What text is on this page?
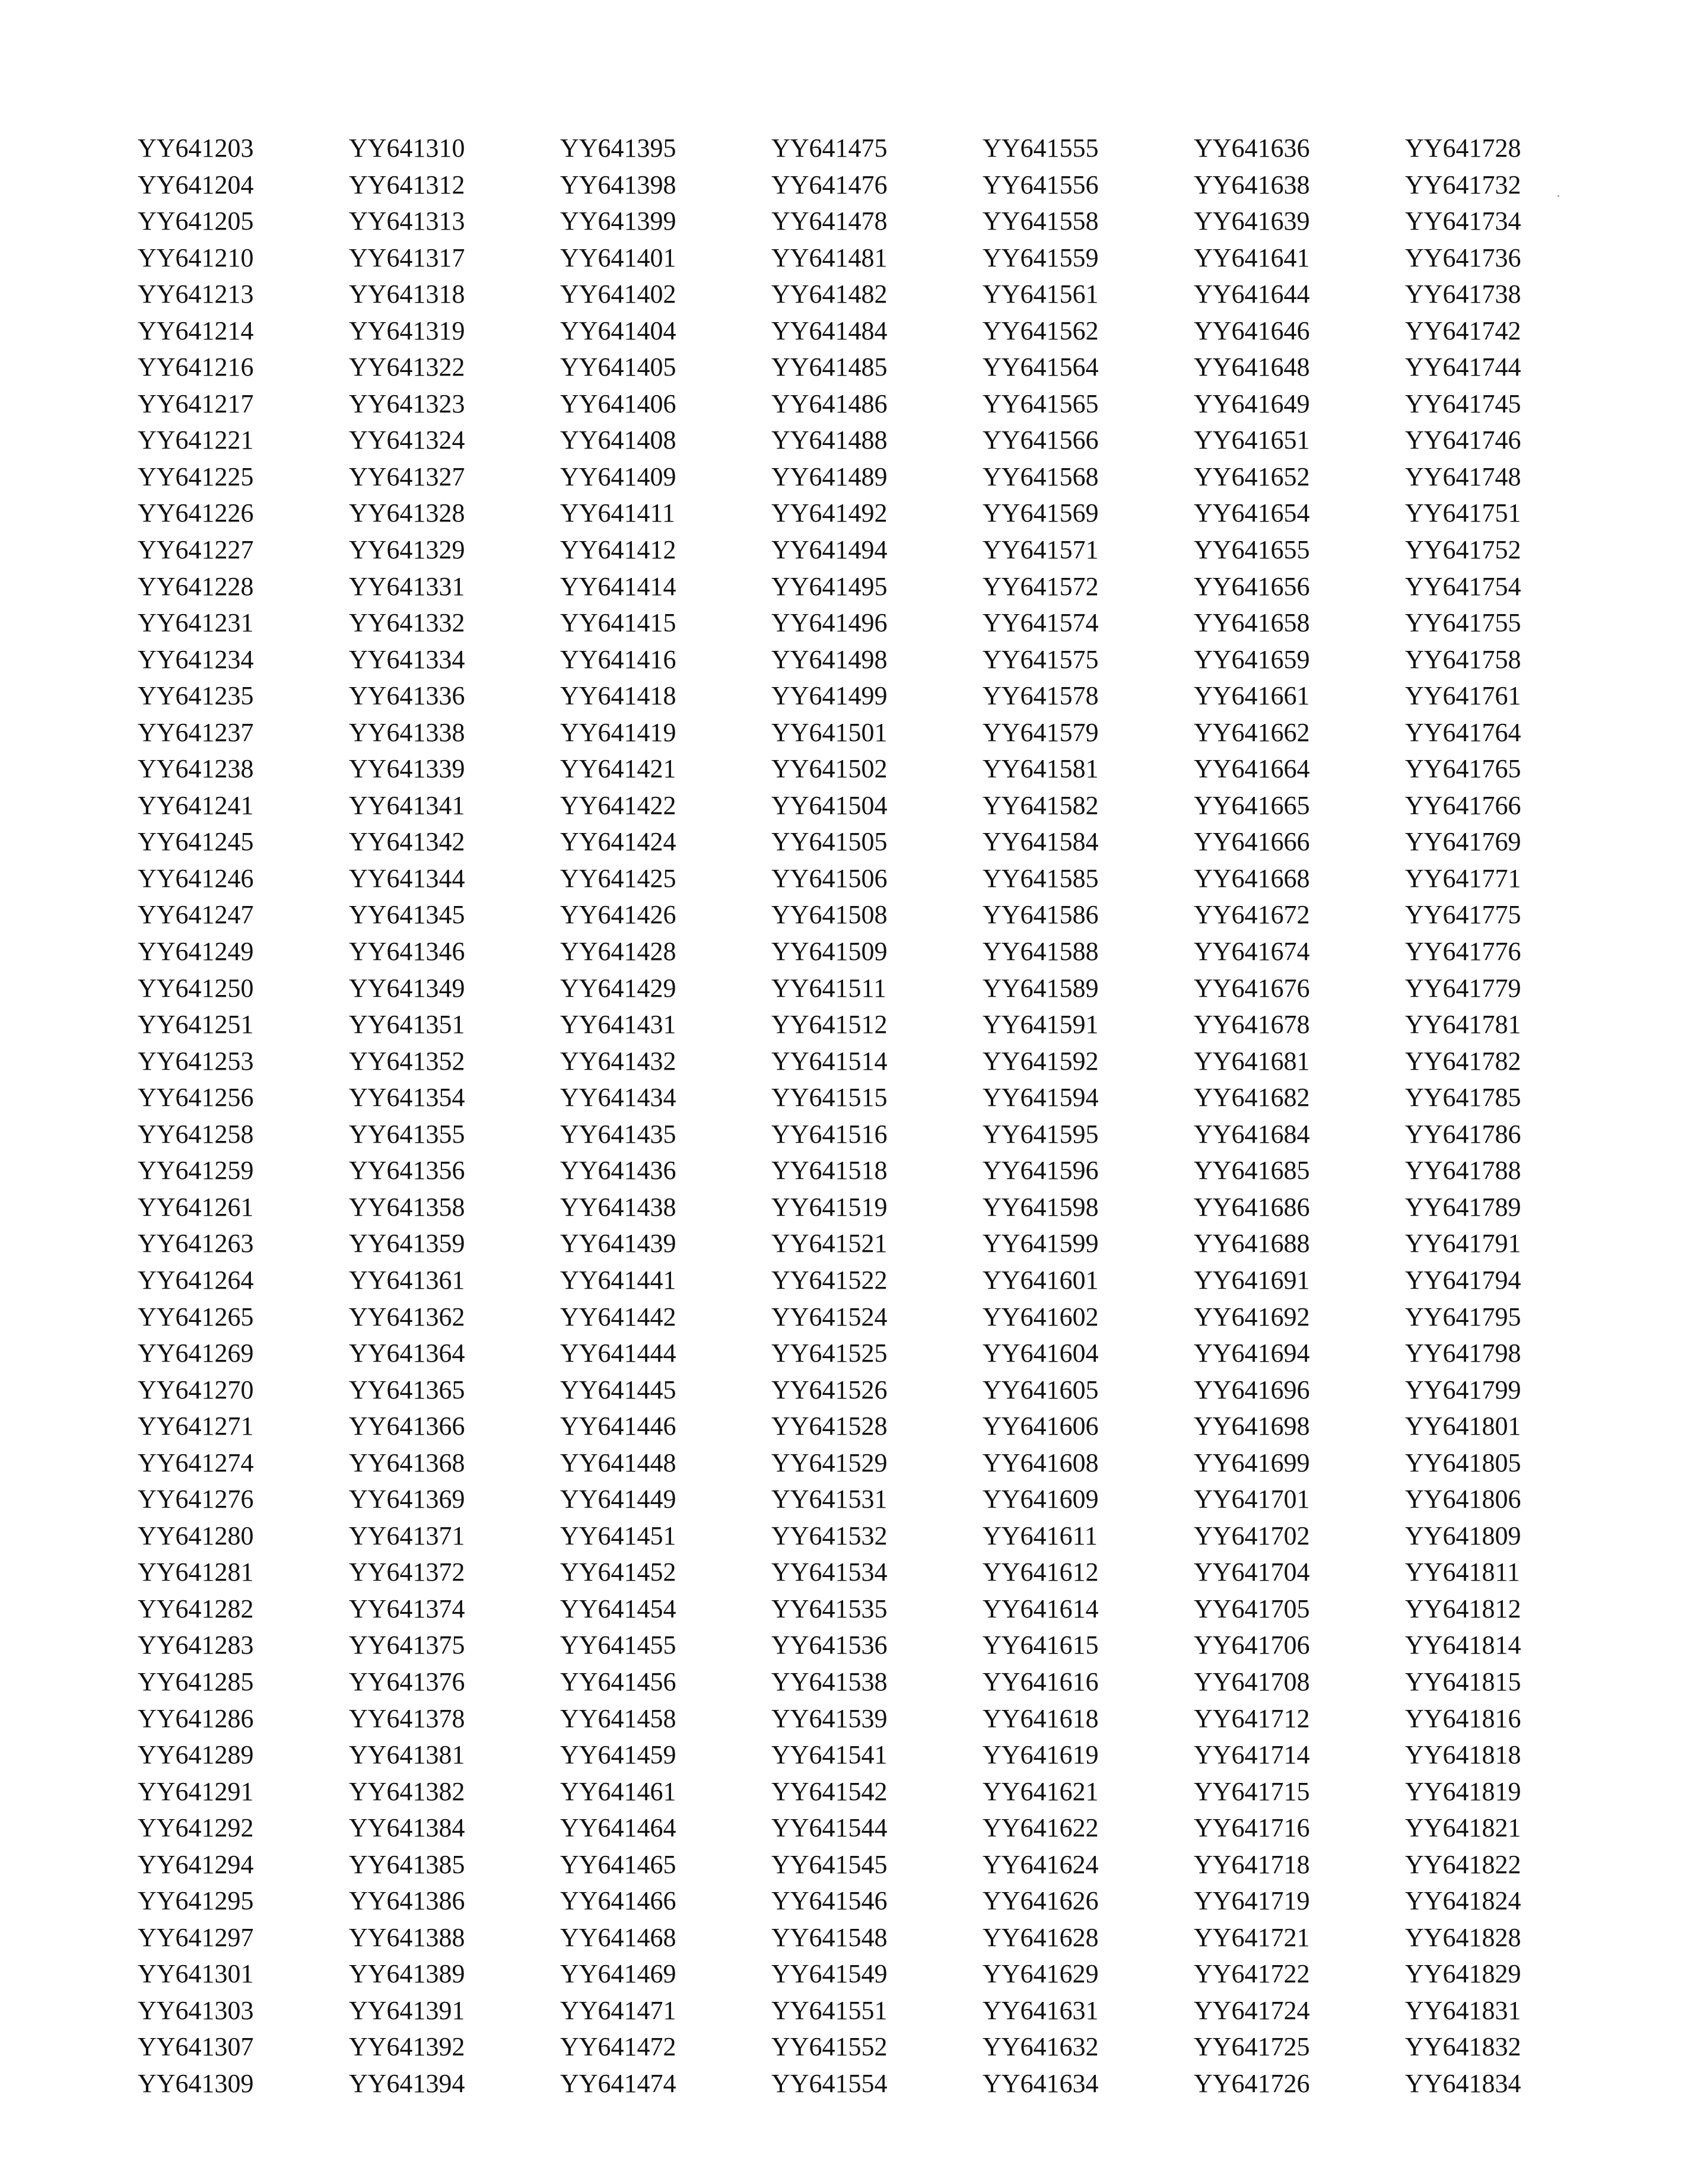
YY641203
YY641204
YY641205
YY641210
YY641213
YY641214
YY641216
YY641217
YY641221
YY641225
YY641226
YY641227
YY641228
YY641231
YY641234
YY641235
YY641237
YY641238
YY641241
YY641245
YY641246
YY641247
YY641249
YY641250
YY641251
YY641253
YY641256
YY641258
YY641259
YY641261
YY641263
YY641264
YY641265
YY641269
YY641270
YY641271
YY641274
YY641276
YY641280
YY641281
YY641282
YY641283
YY641285
YY641286
YY641289
YY641291
YY641292
YY641294
YY641295
YY641297
YY641301
YY641303
YY641307
YY641309
YY641310
YY641312
YY641313
YY641317
YY641318
YY641319
YY641322
YY641323
YY641324
YY641327
YY641328
YY641329
YY641331
YY641332
YY641334
YY641336
YY641338
YY641339
YY641341
YY641342
YY641344
YY641345
YY641346
YY641349
YY641351
YY641352
YY641354
YY641355
YY641356
YY641358
YY641359
YY641361
YY641362
YY641364
YY641365
YY641366
YY641368
YY641369
YY641371
YY641372
YY641374
YY641375
YY641376
YY641378
YY641381
YY641382
YY641384
YY641385
YY641386
YY641388
YY641389
YY641391
YY641392
YY641394
YY641395
YY641398
YY641399
YY641401
YY641402
YY641404
YY641405
YY641406
YY641408
YY641409
YY641411
YY641412
YY641414
YY641415
YY641416
YY641418
YY641419
YY641421
YY641422
YY641424
YY641425
YY641426
YY641428
YY641429
YY641431
YY641432
YY641434
YY641435
YY641436
YY641438
YY641439
YY641441
YY641442
YY641444
YY641445
YY641446
YY641448
YY641449
YY641451
YY641452
YY641454
YY641455
YY641456
YY641458
YY641459
YY641461
YY641464
YY641465
YY641466
YY641468
YY641469
YY641471
YY641472
YY641474
YY641475
YY641476
YY641478
YY641481
YY641482
YY641484
YY641485
YY641486
YY641488
YY641489
YY641492
YY641494
YY641495
YY641496
YY641498
YY641499
YY641501
YY641502
YY641504
YY641505
YY641506
YY641508
YY641509
YY641511
YY641512
YY641514
YY641515
YY641516
YY641518
YY641519
YY641521
YY641522
YY641524
YY641525
YY641526
YY641528
YY641529
YY641531
YY641532
YY641534
YY641535
YY641536
YY641538
YY641539
YY641541
YY641542
YY641544
YY641545
YY641546
YY641548
YY641549
YY641551
YY641552
YY641554
YY641555
YY641556
YY641558
YY641559
YY641561
YY641562
YY641564
YY641565
YY641566
YY641568
YY641569
YY641571
YY641572
YY641574
YY641575
YY641578
YY641579
YY641581
YY641582
YY641584
YY641585
YY641586
YY641588
YY641589
YY641591
YY641592
YY641594
YY641595
YY641596
YY641598
YY641599
YY641601
YY641602
YY641604
YY641605
YY641606
YY641608
YY641609
YY641611
YY641612
YY641614
YY641615
YY641616
YY641618
YY641619
YY641621
YY641622
YY641624
YY641626
YY641628
YY641629
YY641631
YY641632
YY641634
YY641636
YY641638
YY641639
YY641641
YY641644
YY641646
YY641648
YY641649
YY641651
YY641652
YY641654
YY641655
YY641656
YY641658
YY641659
YY641661
YY641662
YY641664
YY641665
YY641666
YY641668
YY641672
YY641674
YY641676
YY641678
YY641681
YY641682
YY641684
YY641685
YY641686
YY641688
YY641691
YY641692
YY641694
YY641696
YY641698
YY641699
YY641701
YY641702
YY641704
YY641705
YY641706
YY641708
YY641712
YY641714
YY641715
YY641716
YY641718
YY641719
YY641721
YY641722
YY641724
YY641725
YY641726
YY641728
YY641732
YY641734
YY641736
YY641738
YY641742
YY641744
YY641745
YY641746
YY641748
YY641751
YY641752
YY641754
YY641755
YY641758
YY641761
YY641764
YY641765
YY641766
YY641769
YY641771
YY641775
YY641776
YY641779
YY641781
YY641782
YY641785
YY641786
YY641788
YY641789
YY641791
YY641794
YY641795
YY641798
YY641799
YY641801
YY641805
YY641806
YY641809
YY641811
YY641812
YY641814
YY641815
YY641816
YY641818
YY641819
YY641821
YY641822
YY641824
YY641828
YY641829
YY641831
YY641832
YY641834
